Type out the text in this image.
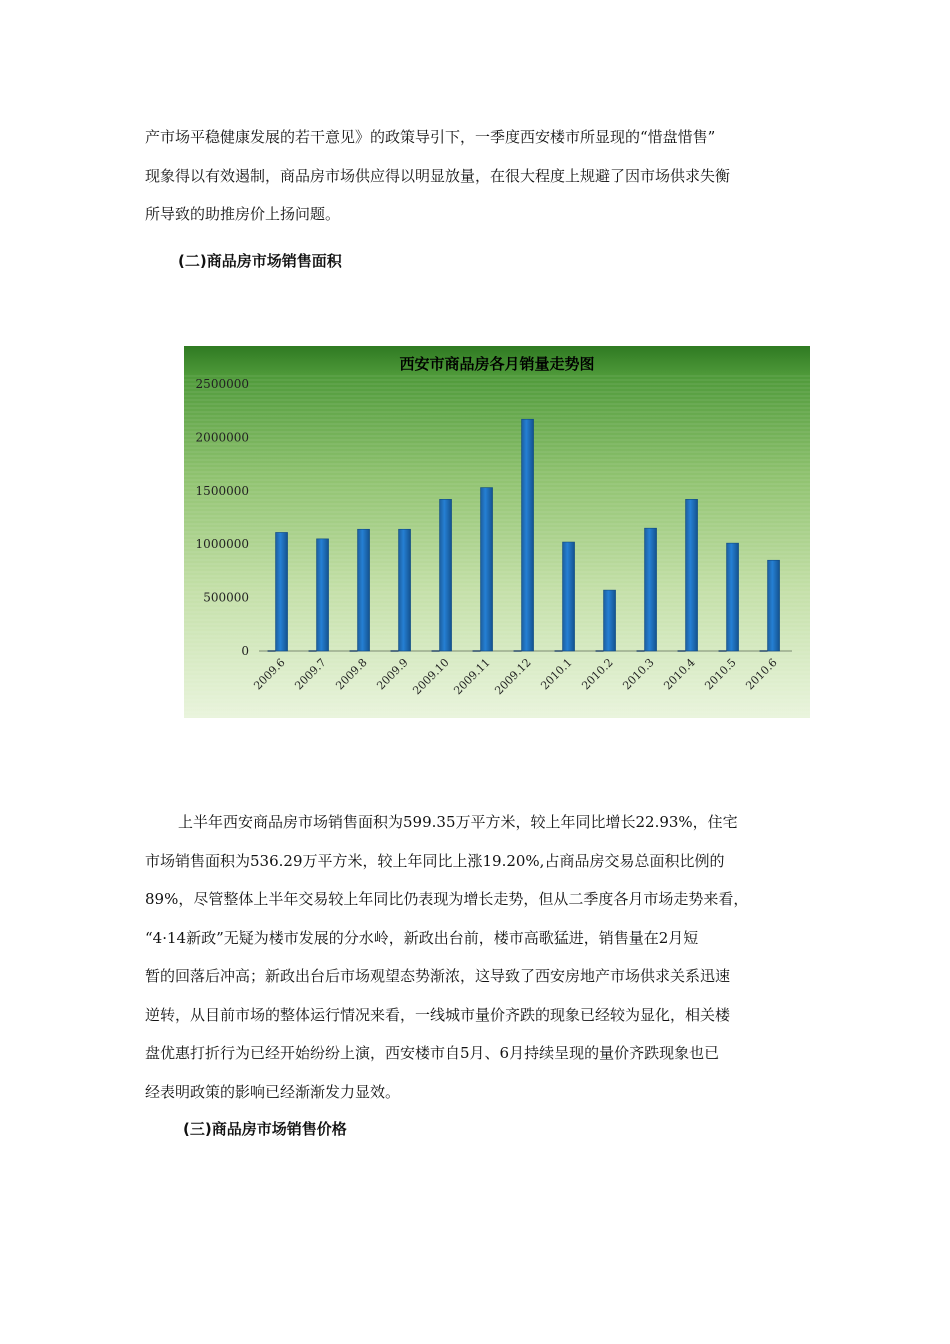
产市场平稳健康发展的若干意见》的政策导引下，一季度西安楼市所显现的“惜盘惜售”
现象得以有效遏制，商品房市场供应得以明显放量，在很大程度上规避了因市场供求失衡
所导致的助推房价上扬问题。
(二)商品房市场销售面积
西安市商品房各月销量走势图
0
500000
1000000
1500000
2000000
2500000
2009.6 2009.7 2009.8 2009.9 2009.10 2009.11 2009.12 2010.1 2010.2 2010.3 2010.4 2010.5 2010.6
上半年西安商品房市场销售面积为599.35万平方米，较上年同比增长22.93%，住宅
市场销售面积为536.29万平方米，较上年同比上涨19.20%,占商品房交易总面积比例的
89%，尽管整体上半年交易较上年同比仍表现为增长走势，但从二季度各月市场走势来看，
“4·14新政”无疑为楼市发展的分水岭，新政出台前，楼市高歌猛进，销售量在2月短
暂的回落后冲高；新政出台后市场观望态势渐浓，这导致了西安房地产市场供求关系迅速
逆转，从目前市场的整体运行情况来看，一线城市量价齐跌的现象已经较为显化，相关楼
盘优惠打折行为已经开始纷纷上演，西安楼市自5月、6月持续呈现的量价齐跌现象也已
经表明政策的影响已经渐渐发力显效。
(三)商品房市场销售价格
